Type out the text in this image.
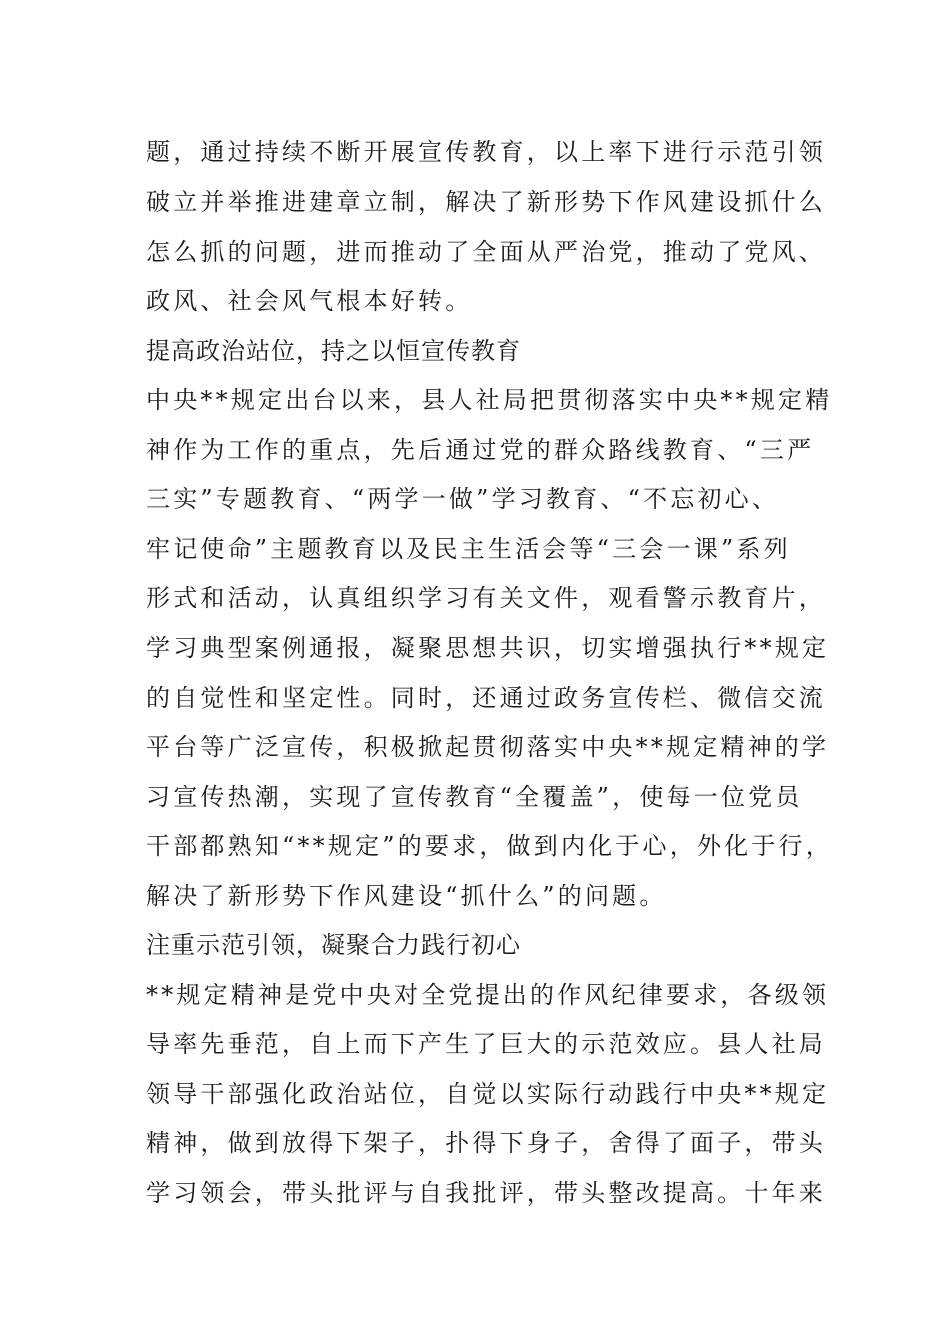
题，通过持续不断开展宣传教育，以上率下进行示范引领
破立并举推进建章立制，解决了新形势下作风建设抓什么
怎么抓的问题，进而推动了全面从严治党，推动了党风、
政风、社会风气根本好转。
提高政治站位，持之以恒宣传教育
中央**规定出台以来，县人社局把贯彻落实中央**规定精
神作为工作的重点，先后通过党的群众路线教育、“三严
三实”专题教育、“两学一做”学习教育、“不忘初心、
牢记使命”主题教育以及民主生活会等“三会一课”系列
形式和活动，认真组织学习有关文件，观看警示教育片，
学习典型案例通报，凝聚思想共识，切实增强执行**规定
的自觉性和坚定性。同时，还通过政务宣传栏、微信交流
平台等广泛宣传，积极掀起贯彻落实中央**规定精神的学
习宣传热潮，实现了宣传教育“全覆盖”，使每一位党员
干部都熟知“**规定”的要求，做到内化于心，外化于行，
解决了新形势下作风建设“抓什么”的问题。
注重示范引领，凝聚合力践行初心
**规定精神是党中央对全党提出的作风纪律要求，各级领
导率先垂范，自上而下产生了巨大的示范效应。县人社局
领导干部强化政治站位，自觉以实际行动践行中央**规定
精神，做到放得下架子，扑得下身子，舍得了面子，带头
学习领会，带头批评与自我批评，带头整改提高。十年来
